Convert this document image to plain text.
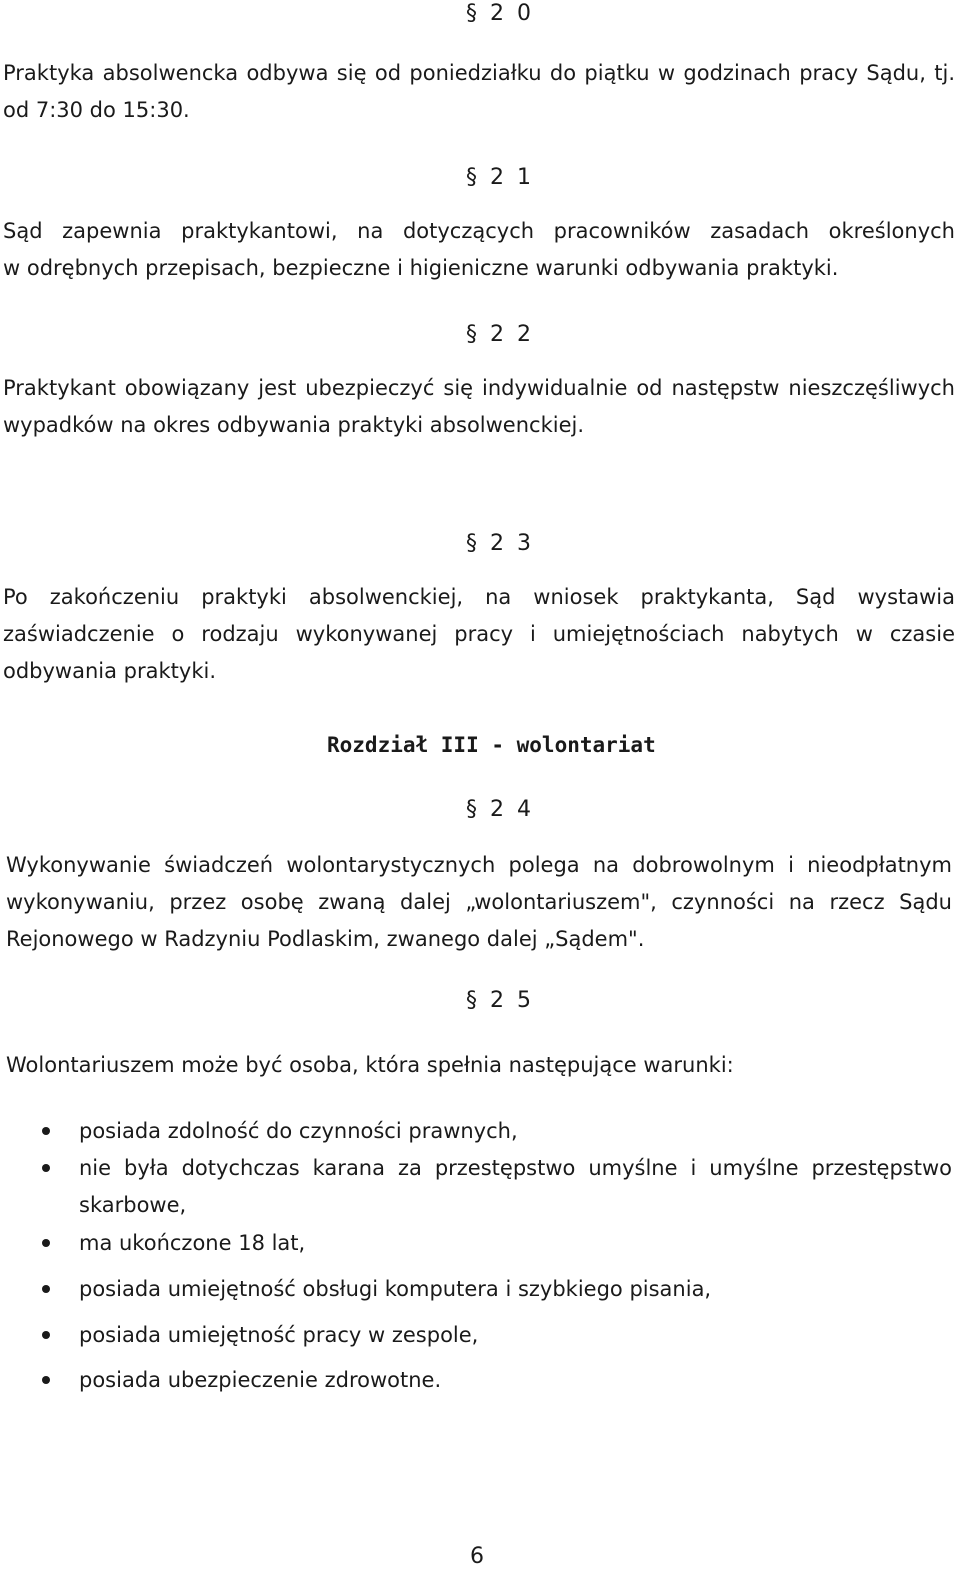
§ 2 0

Praktyka absolwencka odbywa się od poniedziałku do piątku w godzinach pracy Sądu, tj.
od 7:30 do 15:30.

§ 2 1

Sąd zapewnia praktykantowi, na dotyczących pracowników zasadach określonych
w odrębnych przepisach, bezpieczne i higieniczne warunki odbywania praktyki.

§ 2 2

Praktykant obowiązany jest ubezpieczyć się indywidualnie od następstw nieszczęśliwych
wypadków na okres odbywania praktyki absolwenckiej.

§ 2 3

Po zakończeniu praktyki absolwenckiej, na wniosek praktykanta, Sąd wystawia
zaświadczenie o rodzaju wykonywanej pracy i umiejętnościach nabytych w czasie
odbywania praktyki.

Rozdział III - wolontariat
§ 2 4

Wykonywanie świadczeń wolontarystycznych polega na dobrowolnym i nieodpłatnym
wykonywaniu, przez osobę zwaną dalej „wolontariuszem", czynności na rzecz Sądu
Rejonowego w Radzyniu Podlaskim, zwanego dalej „Sądem".

§ 2 5

Wolontariuszem może być osoba, która spełnia następujące warunki:

posiada zdolność do czynności prawnych,
nie była dotychczas karana za przestępstwo umyślne i umyślne przestępstwo
skarbowe,
ma ukończone 18 lat,
posiada umiejętność obsługi komputera i szybkiego pisania,
posiada umiejętność pracy w zespole,
posiada ubezpieczenie zdrowotne.
6
